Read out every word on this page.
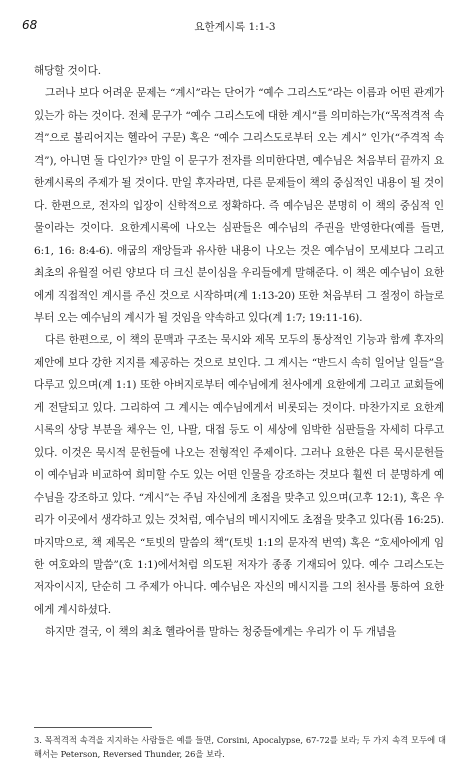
68	요한계시록 1:1-3

해당할 것이다.

그러나 보다 어려운 문제는 “계시”라는 단어가 “예수 그리스도”라는 이름과 어떤 관계가 있는가 하는 것이다. 전체 문구가 “예수 그리스도에 대한 계시”를 의미하는가(“목적격적 속격”으로 불리어지는 헬라어 구문) 혹은 “예수 그리스도로부터 오는 계시” 인가(“주격적 속격”), 아니면 둘 다인가?³ 만일 이 문구가 전자를 의미한다면, 예수님은 처음부터 끝까지 요한계시록의 주제가 될 것이다. 만일 후자라면, 다른 문제들이 책의 중심적인 내용이 될 것이다. 한편으로, 전자의 입장이 신학적으로 정확하다. 즉 예수님은 분명히 이 책의 중심적 인물이라는 것이다. 요한계시록에 나오는 심판들은 예수님의 주권을 반영한다(예를 들면, 6:1, 16: 8:4-6). 애굽의 재앙들과 유사한 내용이 나오는 것은 예수님이 모세보다 그리고 최초의 유월절 어린 양보다 더 크신 분이심을 우리들에게 말해준다. 이 책은 예수님이 요한에게 직접적인 계시를 주신 것으로 시작하며(계 1:13-20) 또한 처음부터 그 절정이 하늘로부터 오는 예수님의 계시가 될 것임을 약속하고 있다(계 1:7; 19:11-16).

다른 한편으로, 이 책의 문맥과 구조는 묵시와 제목 모두의 통상적인 기능과 함께 후자의 제안에 보다 강한 지지를 제공하는 것으로 보인다. 그 계시는 “반드시 속히 일어날 일들”을 다루고 있으며(계 1:1) 또한 아버지로부터 예수님에게 천사에게 요한에게 그리고 교회들에게 전달되고 있다. 그리하여 그 계시는 예수님에게서 비롯되는 것이다. 마찬가지로 요한계시록의 상당 부분을 채우는 인, 나팔, 대접 등도 이 세상에 임박한 심판들을 자세히 다루고 있다. 이것은 묵시적 문헌들에 나오는 전형적인 주제이다. 그러나 요한은 다른 묵시문헌들이 예수님과 비교하여 희미할 수도 있는 어떤 인물을 강조하는 것보다 훨씬 더 분명하게 예수님을 강조하고 있다. “계시”는 주님 자신에게 초점을 맞추고 있으며(고후 12:1), 혹은 우리가 이곳에서 생각하고 있는 것처럼, 예수님의 메시지에도 초점을 맞추고 있다(롬 16:25). 마지막으로, 책 제목은 “토빗의 말씀의 책”(토빗 1:1의 문자적 번역) 혹은 “호세아에게 임한 여호와의 말씀”(호 1:1)에서처럼 의도된 저자가 종종 기재되어 있다. 예수 그리스도는 저자이시지, 단순히 그 주제가 아니다. 예수님은 자신의 메시지를 그의 천사를 통하여 요한에게 계시하셨다.

하지만 결국, 이 책의 최초 헬라어를 말하는 청중들에게는 우리가 이 두 개념을

3. 목적격적 속격을 지지하는 사람들은 예를 들면, Corsini, Apocalypse, 67-72를 보라; 두 가지 속격 모두에 대해서는 Peterson, Reversed Thunder, 26을 보라.
